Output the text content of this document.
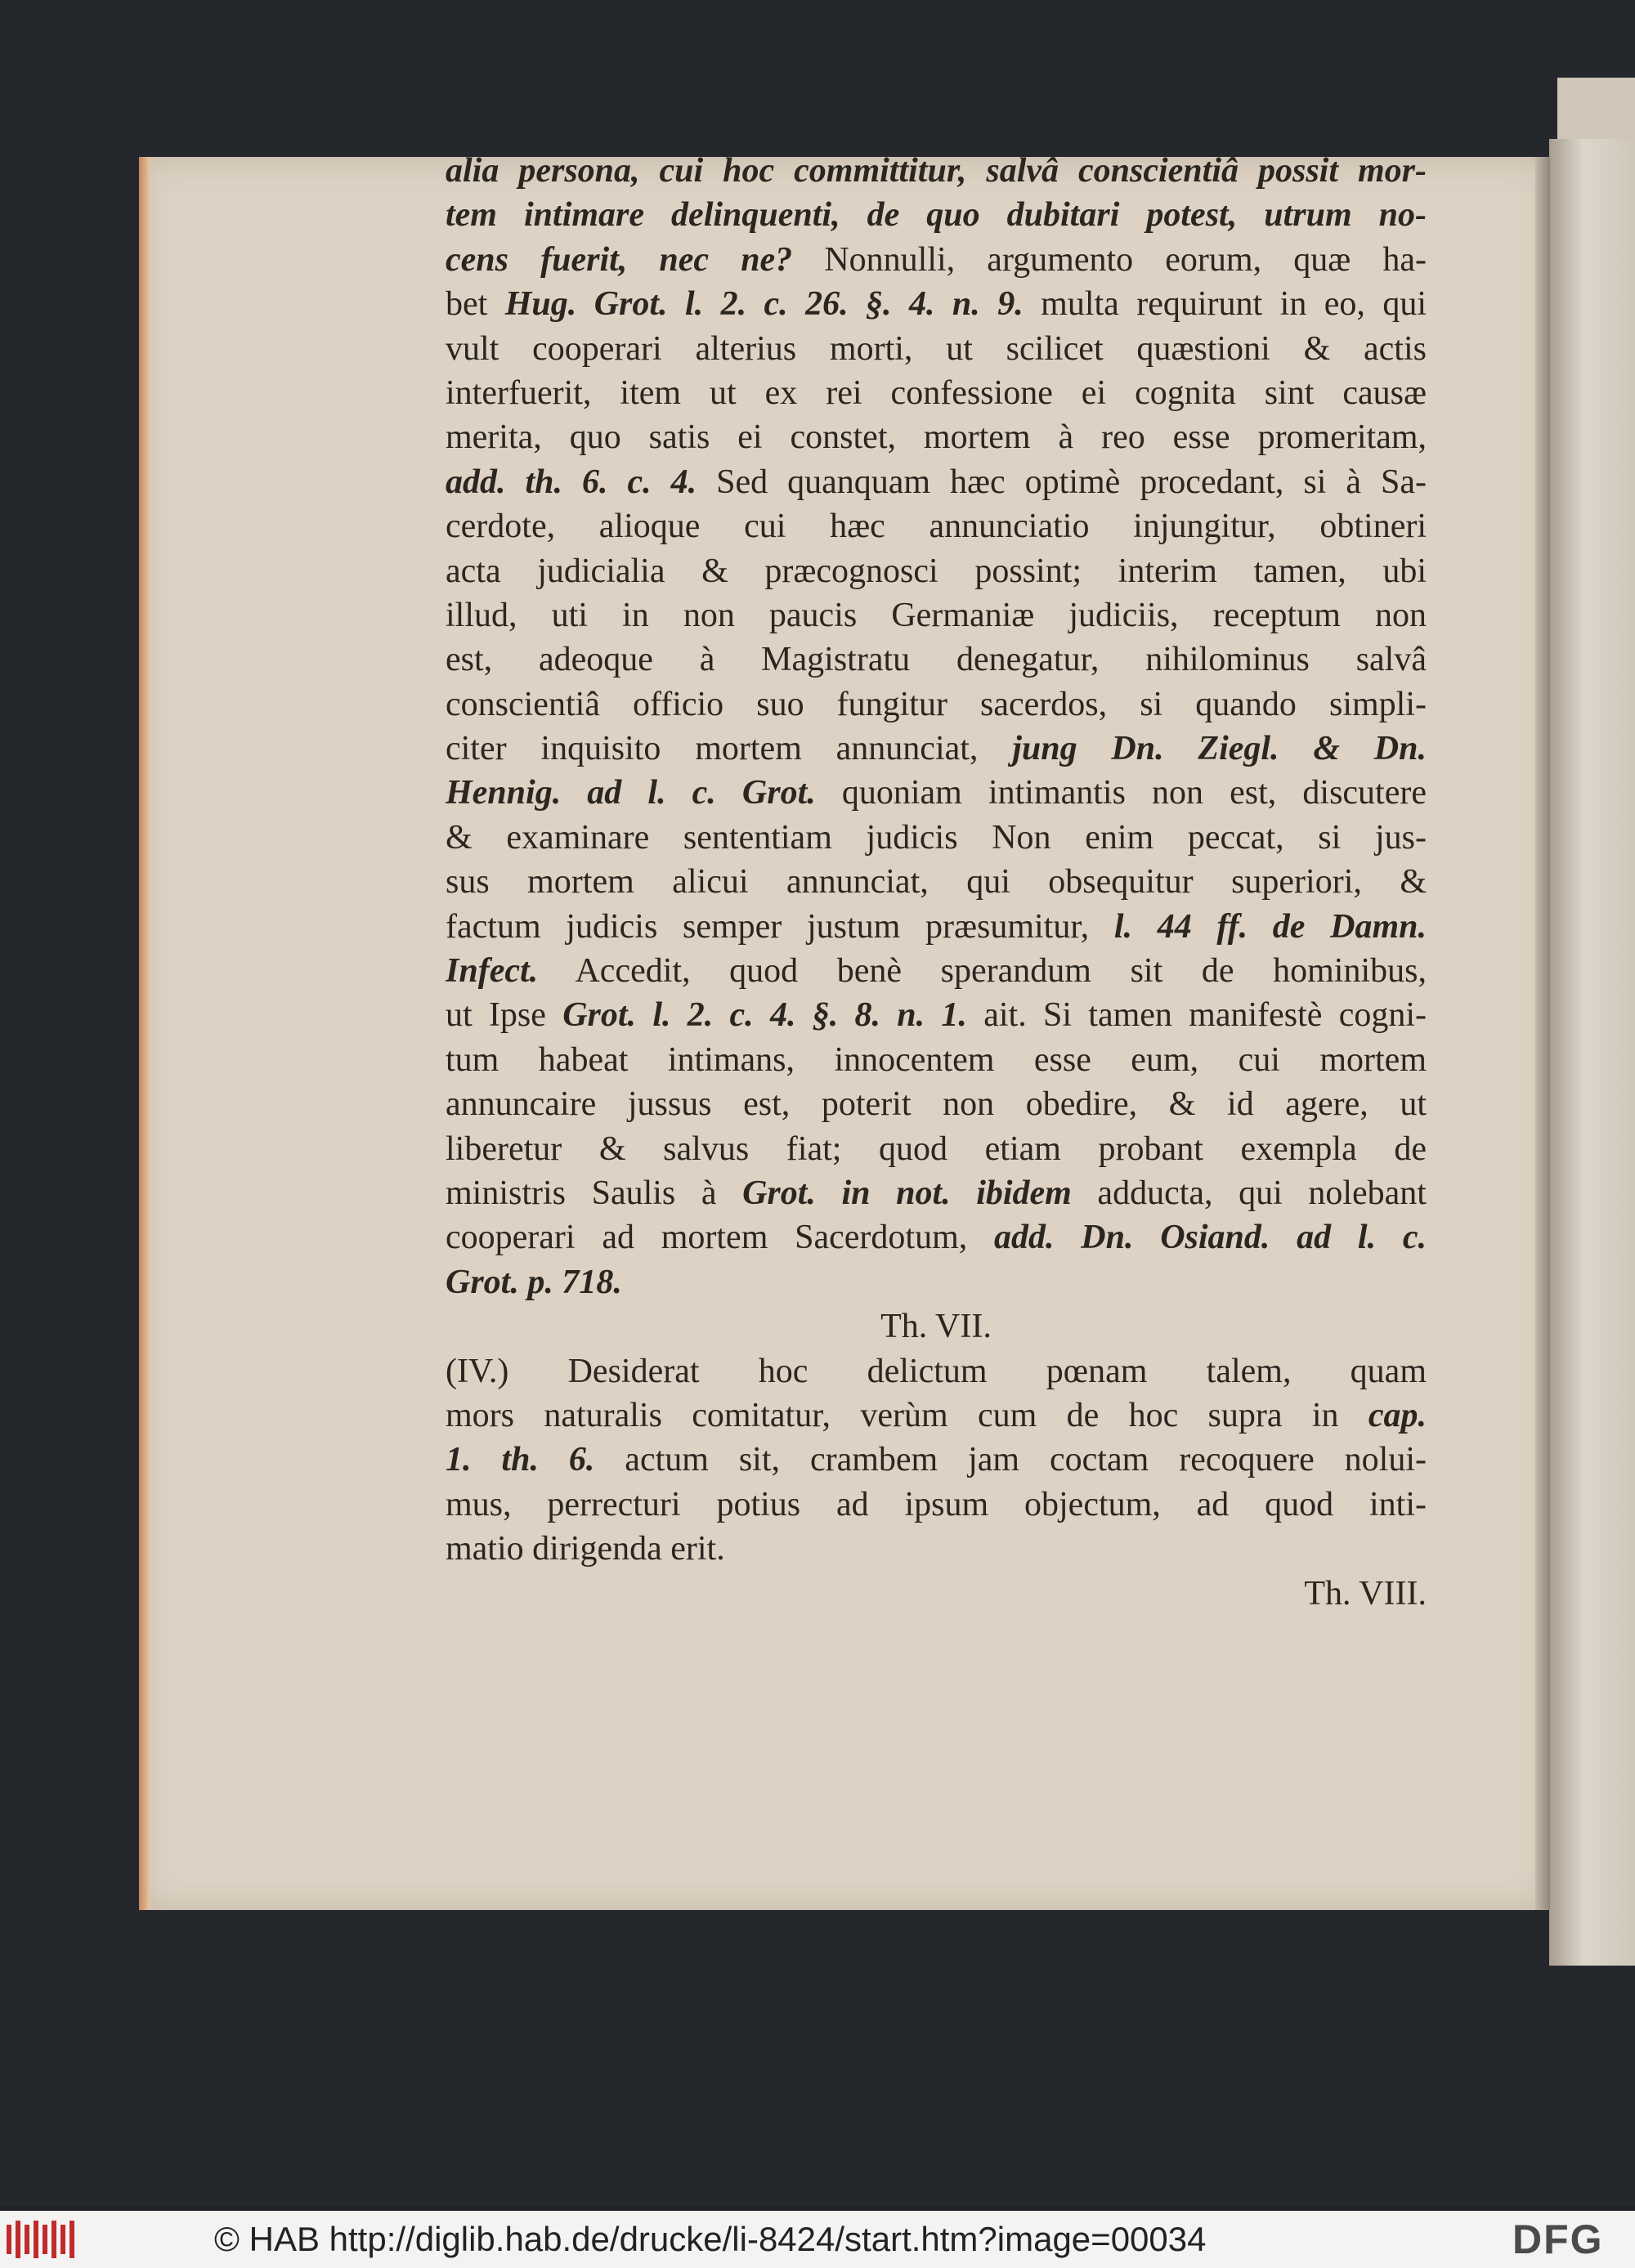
alia persona, cui hoc committitur, salvâ conscientiâ possit mor-
tem intimare delinquenti, de quo dubitari potest, utrum no-
cens fuerit, nec ne? Nonnulli, argumento eorum, quæ ha-
bet Hug. Grot. l. 2. c. 26. §. 4. n. 9. multa requirunt in eo, qui
vult cooperari alterius morti, ut scilicet quæstioni & actis
interfuerit, item ut ex rei confessione ei cognita sint causæ
merita, quo satis ei constet, mortem à reo esse promeritam,
add. th. 6. c. 4. Sed quanquam hæc optimè procedant, si à Sa-
cerdote, alioque cui hæc annunciatio injungitur, obtineri
acta judicialia & præcognosci possint; interim tamen, ubi
illud, uti in non paucis Germaniæ judiciis, receptum non
est, adeoque à Magistratu denegatur, nihilominus salvâ
conscientiâ officio suo fungitur sacerdos, si quando simpli-
citer inquisito mortem annunciat, jung Dn. Ziegl. & Dn.
Hennig. ad l. c. Grot. quoniam intimantis non est, discutere
& examinare sententiam judicis Non enim peccat, si jus-
sus mortem alicui annunciat, qui obsequitur superiori, &
factum judicis semper justum præsumitur, l. 44 ff. de Damn.
Infect. Accedit, quod benè sperandum sit de hominibus,
ut Ipse Grot. l. 2. c. 4. §. 8. n. 1. ait. Si tamen manifestè cogni-
tum habeat intimans, innocentem esse eum, cui mortem
annuncaire jussus est, poterit non obedire, & id agere, ut
liberetur & salvus fiat; quod etiam probant exempla de
ministris Saulis à Grot. in not. ibidem adducta, qui nolebant
cooperari ad mortem Sacerdotum, add. Dn. Osiand. ad l. c.
Grot. p. 718.
Th. VII.
(IV.) Desiderat hoc delictum pœnam talem, quam
mors naturalis comitatur, verùm cum de hoc supra in cap.
1. th. 6. actum sit, crambem jam coctam recoquere nolui-
mus, perrecturi potius ad ipsum objectum, ad quod inti-
matio dirigenda erit.
Th. VIII.
© HAB http://diglib.hab.de/drucke/li-8424/start.htm?image=00034	DFG
